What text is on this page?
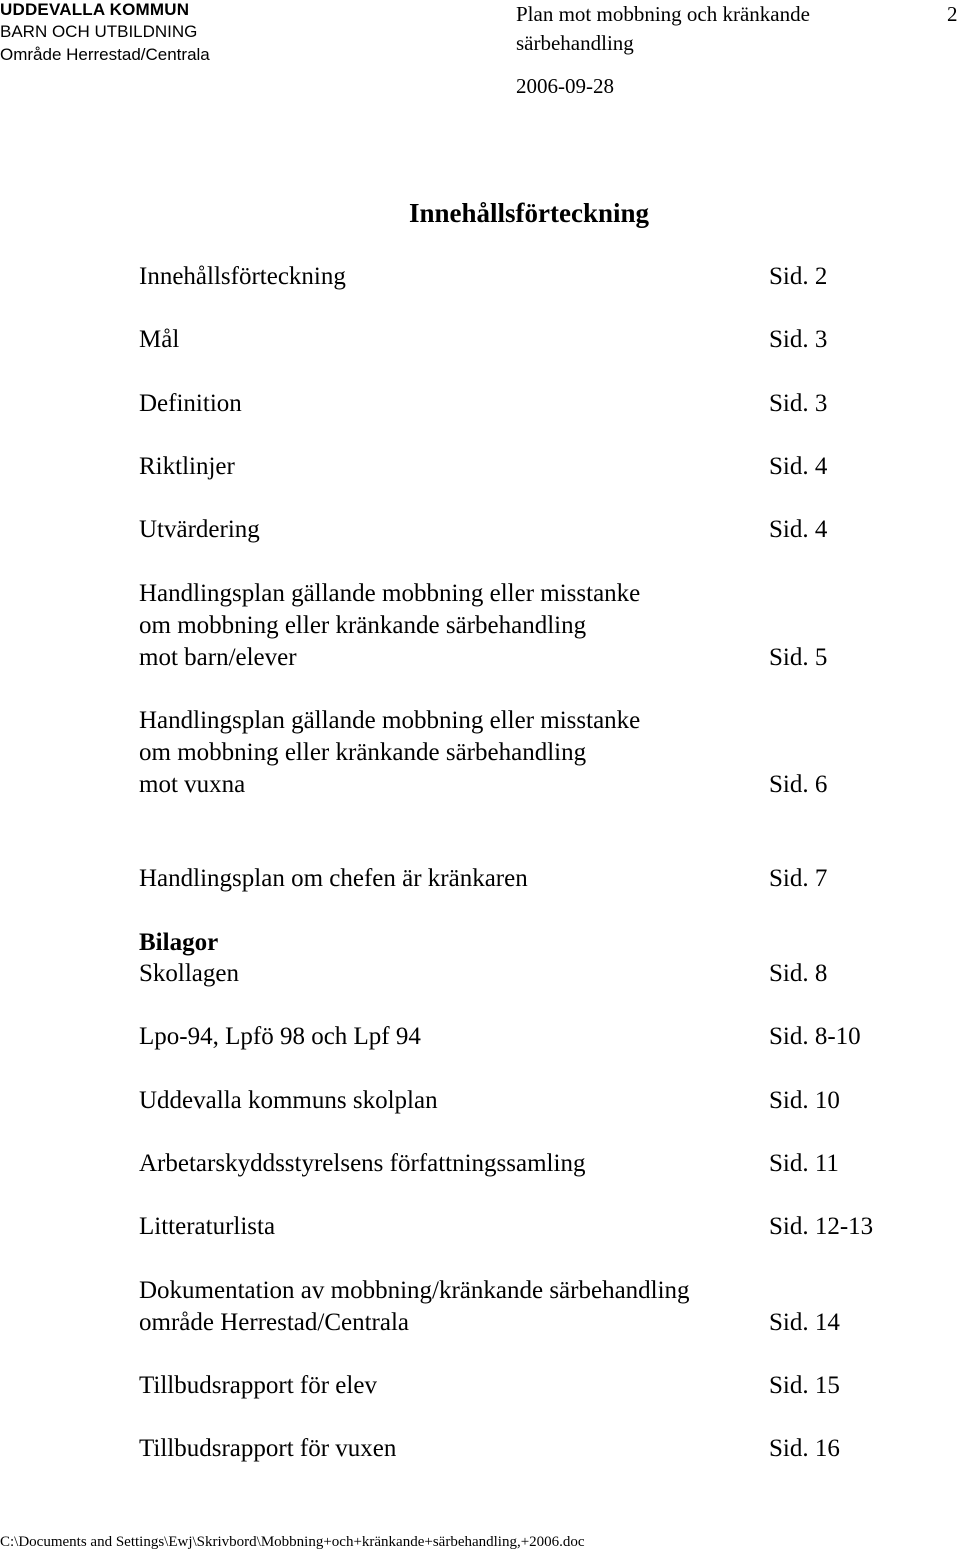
UDDEVALLA KOMMUN
BARN OCH UTBILDNING
Område Herrestad/Centrala
Plan mot mobbning och kränkande
särbehandling
2006-09-28
2
Innehållsförteckning
Innehållsförteckning	Sid. 2
Mål	Sid. 3
Definition	Sid. 3
Riktlinjer	Sid. 4
Utvärdering	Sid. 4
Handlingsplan gällande mobbning eller misstanke
om mobbning eller kränkande särbehandling
mot barn/elever	Sid. 5
Handlingsplan gällande mobbning eller misstanke
om mobbning eller kränkande särbehandling
mot vuxna	Sid. 6
Handlingsplan om chefen är kränkaren	Sid. 7
Bilagor
Skollagen	Sid. 8
Lpo-94, Lpfö 98 och Lpf 94	Sid. 8-10
Uddevalla kommuns skolplan	Sid. 10
Arbetarskyddsstyrelsens författningssamling	Sid. 11
Litteraturlista	Sid. 12-13
Dokumentation av mobbning/kränkande särbehandling
område Herrestad/Centrala	Sid. 14
Tillbudsrapport för elev	Sid. 15
Tillbudsrapport för vuxen	Sid. 16
C:\Documents and Settings\Ewj\Skrivbord\Mobbning+och+kränkande+särbehandling,+2006.doc
